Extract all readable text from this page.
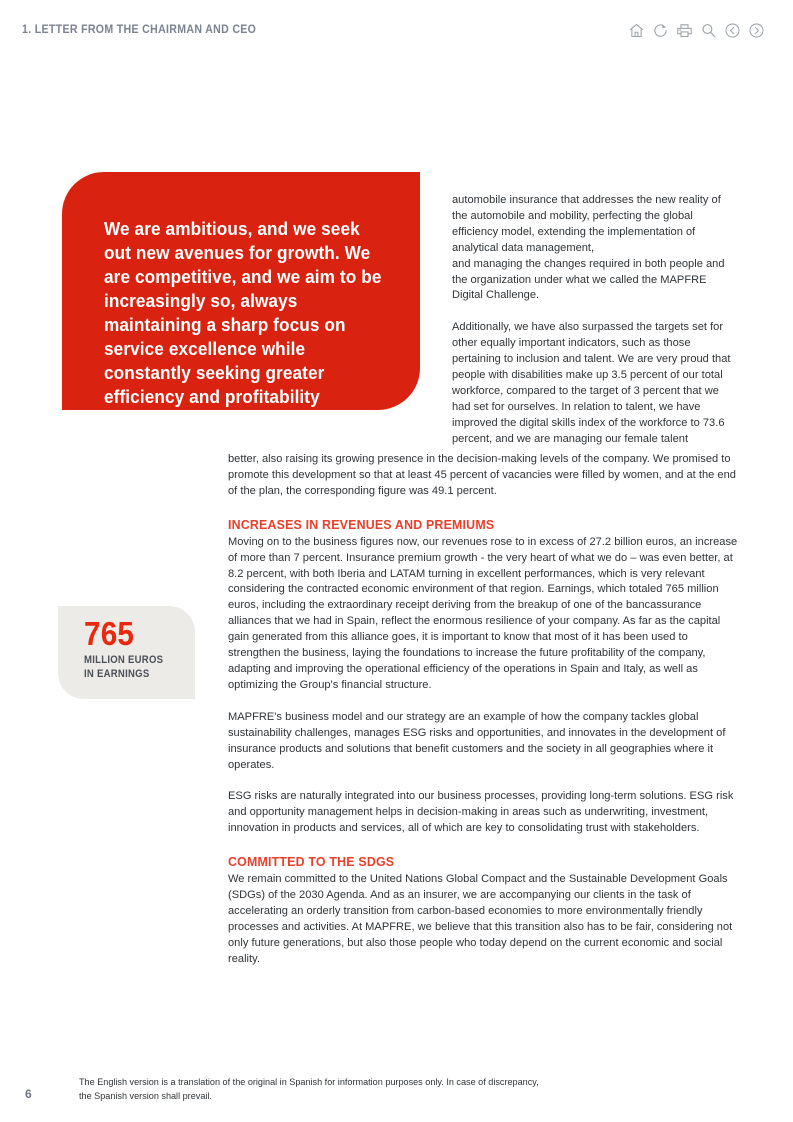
1. LETTER FROM THE CHAIRMAN AND CEO
We are ambitious, and we seek out new avenues for growth. We are competitive, and we aim to be increasingly so, always maintaining a sharp focus on service excellence while constantly seeking greater efficiency and profitability

automobile insurance that addresses the new reality of the automobile and mobility, perfecting the global efficiency model, extending the implementation of analytical data management,
and managing the changes required in both people and the organization under what we called the MAPFRE Digital Challenge.

Additionally, we have also surpassed the targets set for other equally important indicators, such as those pertaining to inclusion and talent. We are very proud that people with disabilities make up 3.5 percent of our total workforce, compared to the target of 3 percent that we had set for ourselves. In relation to talent, we have improved the digital skills index of the workforce to 73.6 percent, and we are managing our female talent

better, also raising its growing presence in the decision-making levels of the company. We promised to promote this development so that at least 45 percent of vacancies were filled by women, and at the end of the plan, the corresponding figure was 49.1 percent.

INCREASES IN REVENUES AND PREMIUMS

Moving on to the business figures now, our revenues rose to in excess of 27.2 billion euros, an increase of more than 7 percent. Insurance premium growth - the very heart of what we do – was even better, at 8.2 percent, with both Iberia and LATAM turning in excellent performances, which is very relevant considering the contracted economic environment of that region. Earnings, which totaled 765 million euros, including the extraordinary receipt deriving from the breakup of one of the bancassurance alliances that we had in Spain, reflect the enormous resilience of your company. As far as the capital gain generated from this alliance goes, it is important to know that most of it has been used to strengthen the business, laying the foundations to increase the future profitability of the company, adapting and improving the operational efficiency of the operations in Spain and Italy, as well as optimizing the Group's financial structure.

MAPFRE's business model and our strategy are an example of how the company tackles global sustainability challenges, manages ESG risks and opportunities, and innovates in the development of insurance products and solutions that benefit customers and the society in all geographies where it operates.

ESG risks are naturally integrated into our business processes, providing long-term solutions. ESG risk and opportunity management helps in decision-making in areas such as underwriting, investment, innovation in products and services, all of which are key to consolidating trust with stakeholders.

COMMITTED TO THE SDGS

We remain committed to the United Nations Global Compact and the Sustainable Development Goals (SDGs) of the 2030 Agenda. And as an insurer, we are accompanying our clients in the task of accelerating an orderly transition from carbon-based economies to more environmentally friendly processes and activities. At MAPFRE, we believe that this transition also has to be fair, considering not only future generations, but also those people who today depend on the current economic and social reality.

765
MILLION EUROS
IN EARNINGS
6
The English version is a translation of the original in Spanish for information purposes only. In case of discrepancy,
the Spanish version shall prevail.
